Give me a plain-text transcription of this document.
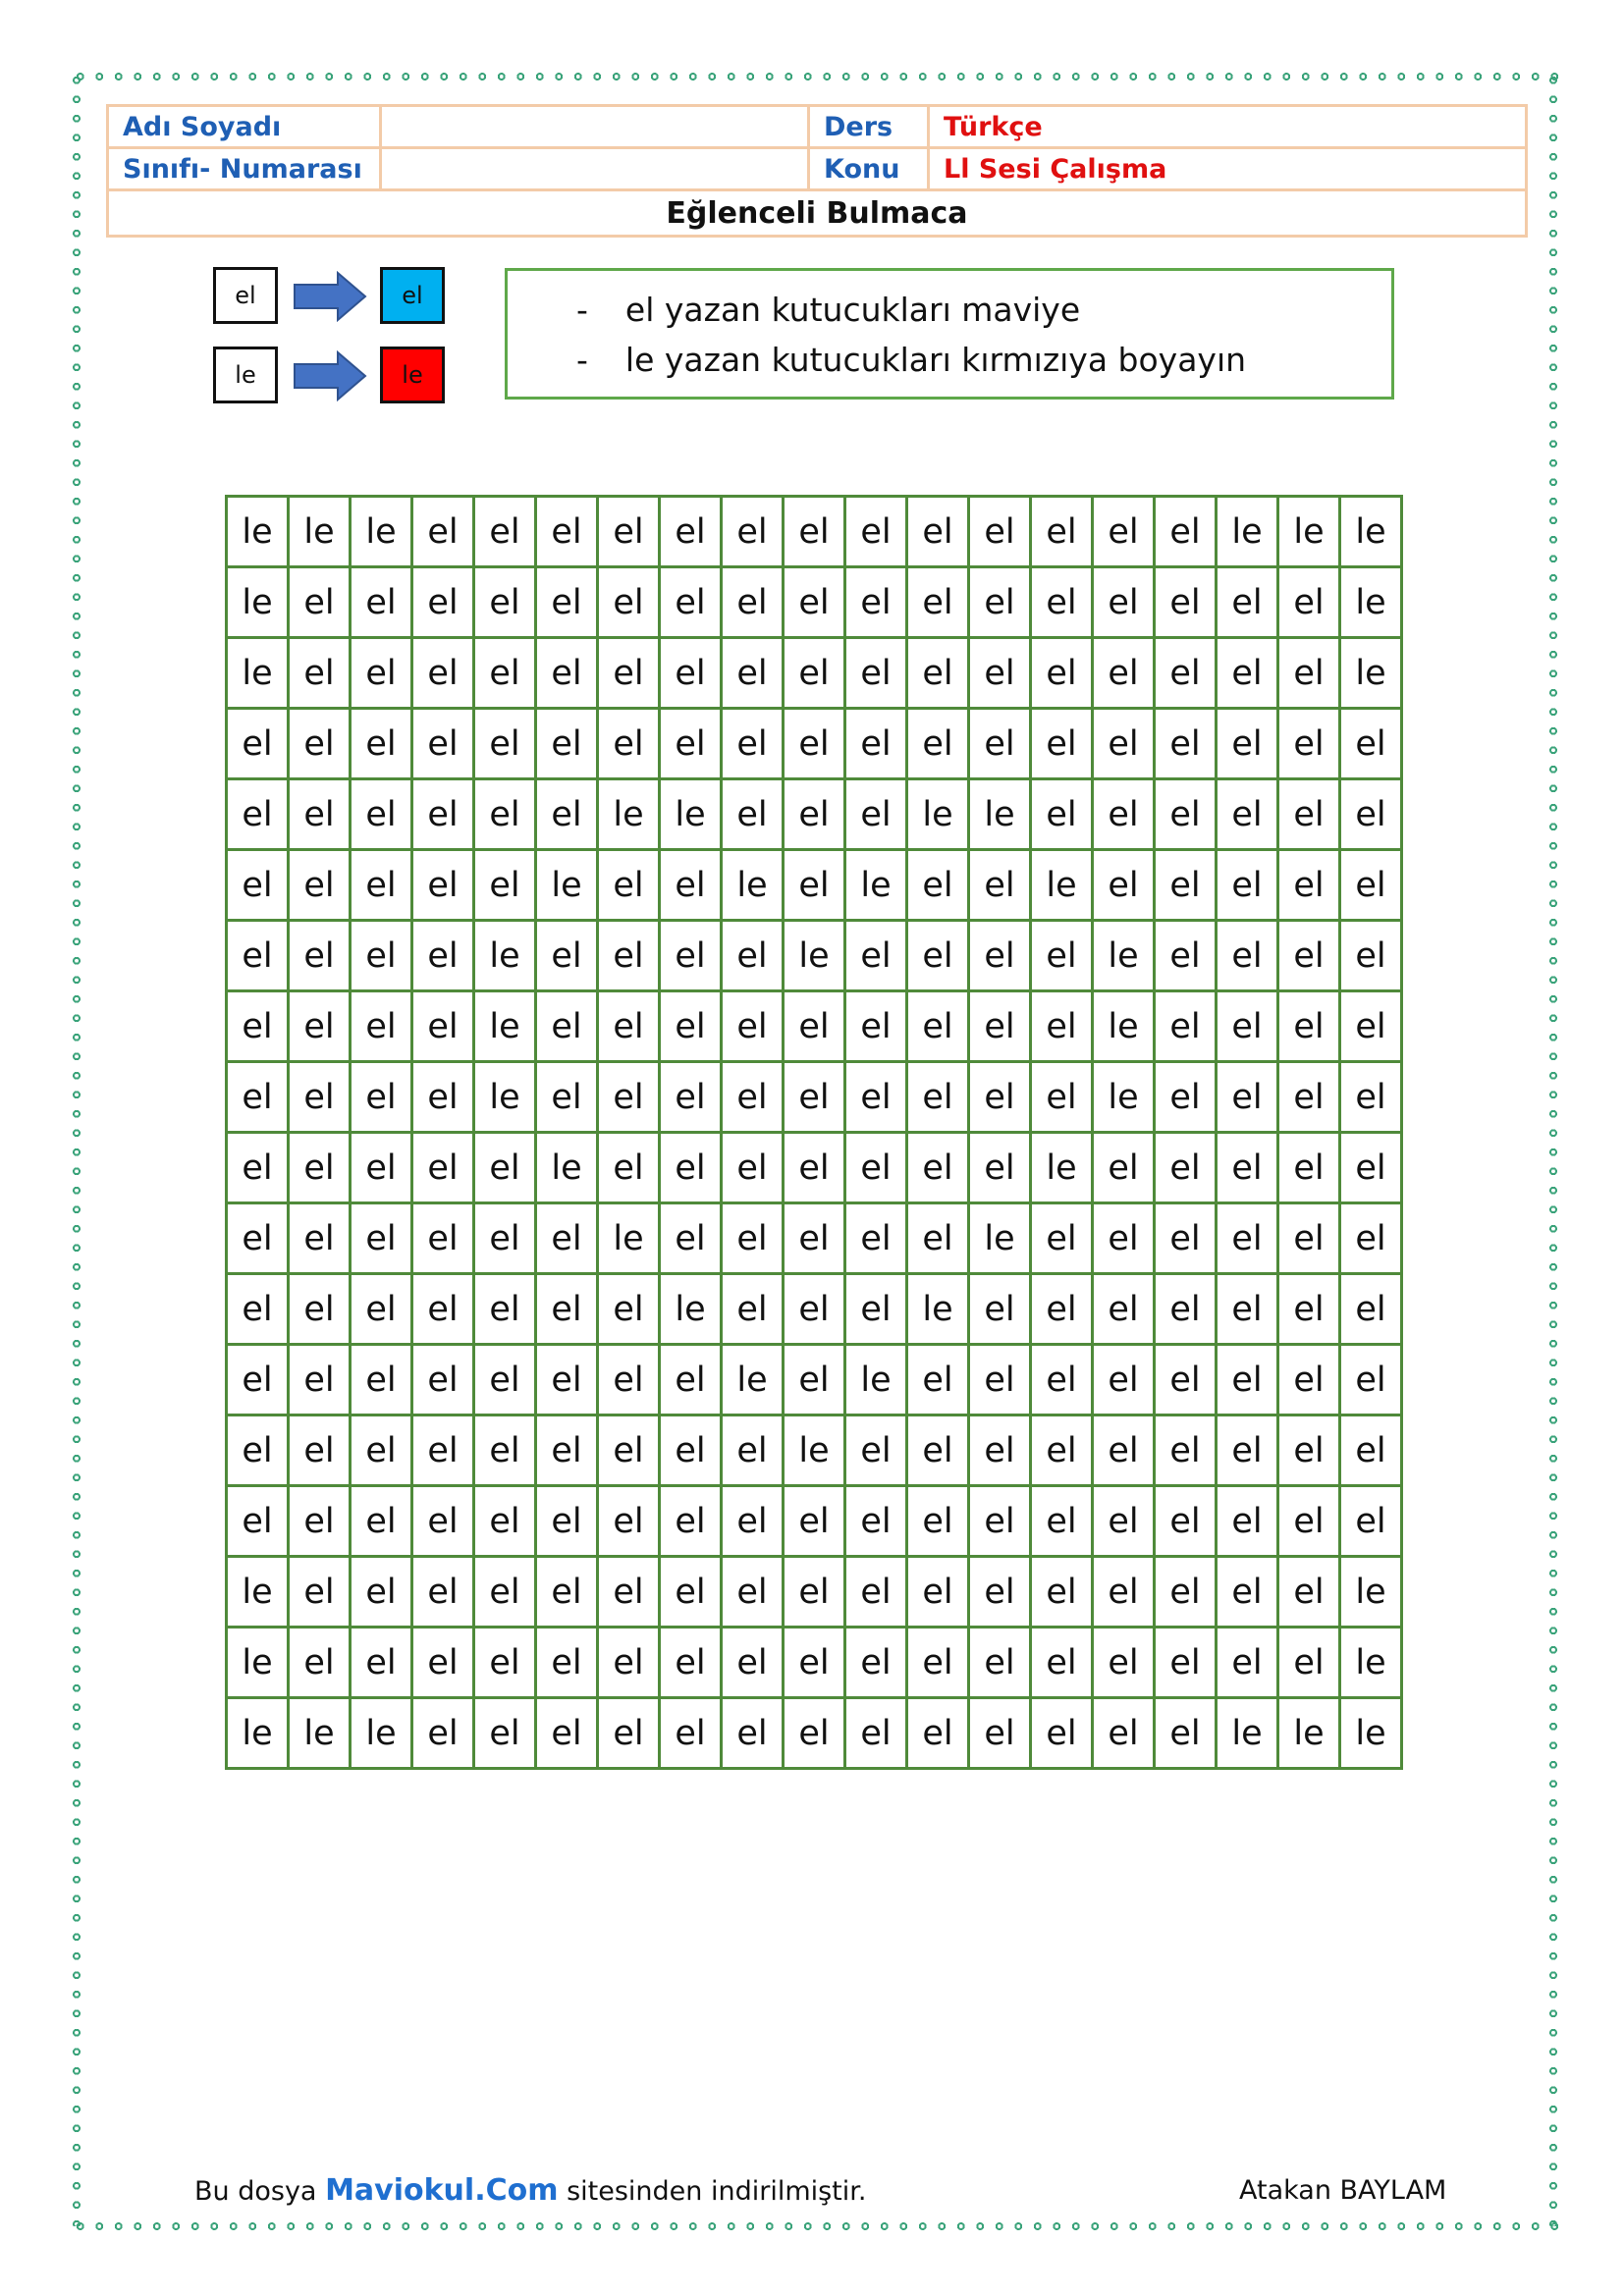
Adı Soyadı	Ders	Türkçe
Sınıfı- Numarası	Konu	Ll Sesi Çalışma
Eğlenceli Bulmaca
el	el
le	le
- el yazan kutucukları maviye
- le yazan kutucukları kırmızıya boyayın
le	le	le	el	el	el	el	el	el	el	el	el	el	el	el	el	le	le	le
le	el	el	el	el	el	el	el	el	el	el	el	el	el	el	el	el	el	le
le	el	el	el	el	el	el	el	el	el	el	el	el	el	el	el	el	el	le
el	el	el	el	el	el	el	el	el	el	el	el	el	el	el	el	el	el	el
el	el	el	el	el	el	le	le	el	el	el	le	le	el	el	el	el	el	el
el	el	el	el	el	le	el	el	le	el	le	el	el	le	el	el	el	el	el
el	el	el	el	le	el	el	el	el	le	el	el	el	el	le	el	el	el	el
el	el	el	el	le	el	el	el	el	el	el	el	el	el	le	el	el	el	el
el	el	el	el	le	el	el	el	el	el	el	el	el	el	le	el	el	el	el
el	el	el	el	el	le	el	el	el	el	el	el	el	le	el	el	el	el	el
el	el	el	el	el	el	le	el	el	el	el	el	le	el	el	el	el	el	el
el	el	el	el	el	el	el	le	el	el	el	le	el	el	el	el	el	el	el
el	el	el	el	el	el	el	el	le	el	le	el	el	el	el	el	el	el	el
el	el	el	el	el	el	el	el	el	le	el	el	el	el	el	el	el	el	el
el	el	el	el	el	el	el	el	el	el	el	el	el	el	el	el	el	el	el
le	el	el	el	el	el	el	el	el	el	el	el	el	el	el	el	el	el	le
le	el	el	el	el	el	el	el	el	el	el	el	el	el	el	el	el	el	le
le	le	le	el	el	el	el	el	el	el	el	el	el	el	el	el	le	le	le
Bu dosya Maviokul.Com sitesinden indirilmiştir.	Atakan BAYLAM
